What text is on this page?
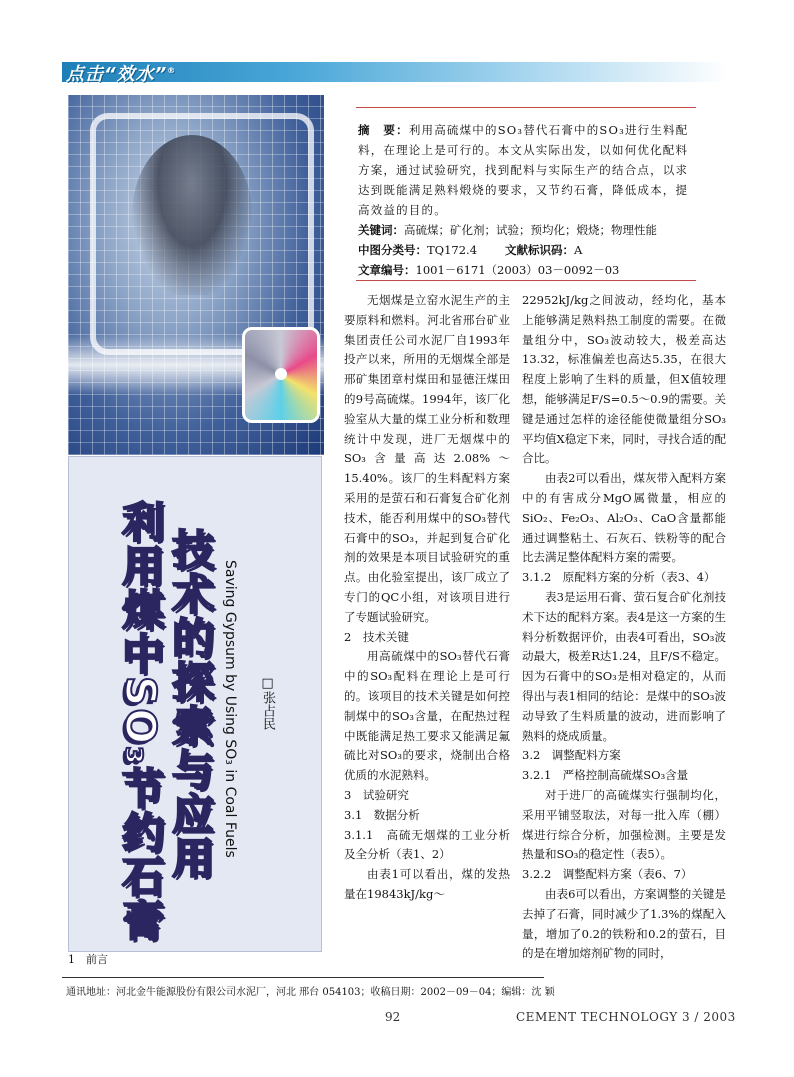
点击“效水”®
利用煤中SO₃节约石膏 技术的探索与应用 Saving Gypsum by Using SO₃ in Coal Fuels □张占民
1　前言

摘　要：利用高硫煤中的SO₃替代石膏中的SO₃进行生料配料，在理论上是可行的。本文从实际出发，以如何优化配料方案，通过试验研究，找到配料与实际生产的结合点，以求达到既能满足熟料煅烧的要求，又节约石膏，降低成本，提高效益的目的。

关键词：高硫煤；矿化剂；试验；预均化；煅烧；物理性能

中图分类号：TQ172.4 文献标识码：A

文章编号：1001－6171（2003）03－0092－03

无烟煤是立窑水泥生产的主要原料和燃料。河北省邢台矿业集团责任公司水泥厂自1993年投产以来，所用的无烟煤全部是邢矿集团章村煤田和显德汪煤田的9号高硫煤。1994年，该厂化验室从大量的煤工业分析和数理统计中发现，进厂无烟煤中的SO₃含量高达2.08%～15.40%。该厂的生料配料方案采用的是萤石和石膏复合矿化剂技术，能否利用煤中的SO₃替代石膏中的SO₃，并起到复合矿化剂的效果是本项目试验研究的重点。由化验室提出，该厂成立了专门的QC小组，对该项目进行了专题试验研究。

2　技术关键

用高硫煤中的SO₃替代石膏中的SO₃配料在理论上是可行的。该项目的技术关键是如何控制煤中的SO₃含量，在配热过程中既能满足热工要求又能满足氟硫比对SO₃的要求，烧制出合格优质的水泥熟料。

3　试验研究

3.1　数据分析

3.1.1　高硫无烟煤的工业分析及全分析（表1、2）

由表1可以看出，煤的发热量在19843kJ/kg～

22952kJ/kg之间波动，经均化，基本上能够满足熟料热工制度的需要。在微量组分中，SO₃波动较大，极差高达13.32，标准偏差也高达5.35，在很大程度上影响了生料的质量，但X值较理想，能够满足F/S=0.5～0.9的需要。关键是通过怎样的途径能使微量组分SO₃平均值X稳定下来，同时，寻找合适的配合比。

由表2可以看出，煤灰带入配料方案中的有害成分MgO属微量，相应的SiO₂、Fe₂O₃、Al₂O₃、CaO含量都能通过调整粘土、石灰石、铁粉等的配合比去满足整体配料方案的需要。

3.1.2　原配料方案的分析（表3、4）

表3是运用石膏、萤石复合矿化剂技术下达的配料方案。表4是这一方案的生料分析数据评价，由表4可看出，SO₃波动最大，极差R达1.24，且F/S不稳定。因为石膏中的SO₃是相对稳定的，从而得出与表1相同的结论：是煤中的SO₃波动导致了生料质量的波动，进而影响了熟料的烧成质量。

3.2　调整配料方案

3.2.1　严格控制高硫煤SO₃含量

对于进厂的高硫煤实行强制均化，采用平铺竖取法，对每一批入库（棚）煤进行综合分析，加强检测。主要是发热量和SO₃的稳定性（表5）。

3.2.2　调整配料方案（表6、7）

由表6可以看出，方案调整的关键是去掉了石膏，同时减少了1.3%的煤配入量，增加了0.2的铁粉和0.2的萤石，目的是在增加熔剂矿物的同时，

通讯地址：河北金牛能源股份有限公司水泥厂，河北 邢台 054103；收稿日期：2002－09－04；编辑：沈 颖
92	CEMENT TECHNOLOGY 3 / 2003
